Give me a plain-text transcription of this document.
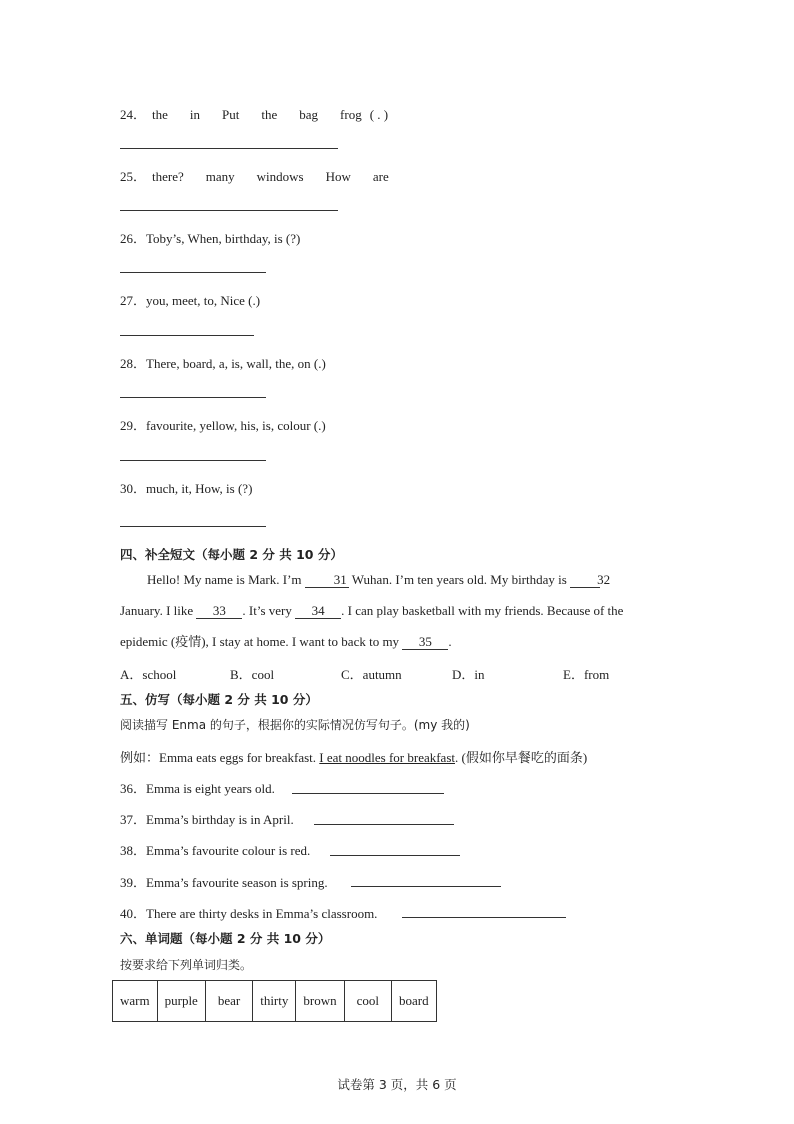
24． the in Put the bag frog ( . )
25． there? many windows How are
26．Toby’s, When, birthday, is (?)
27．you, meet, to, Nice (.)
28．There, board, a, is, wall, the, on (.)
29．favourite, yellow, his, is, colour (.)
30．much, it, How, is (?)
四、补全短文（每小题 2 分 共 10 分）
Hello! My name is Mark. I’m 31 Wuhan. I’m ten years old. My birthday is 32
January. I like 33 . It’s very 34 . I can play basketball with my friends. Because of the
epidemic (疫情), I stay at home. I want to back to my 35 .
A．school	B．cool	C．autumn	D．in	E．from
五、仿写（每小题 2 分 共 10 分）
阅读描写 Enma 的句子，根据你的实际情况仿写句子。(my 我的)
例如：Emma eats eggs for breakfast. I eat noodles for breakfast. (假如你早餐吃的面条)
36．Emma is eight years old.
37．Emma’s birthday is in April.
38．Emma’s favourite colour is red.
39．Emma’s favourite season is spring.
40．There are thirty desks in Emma’s classroom.
六、单词题（每小题 2 分 共 10 分）
按要求给下列单词归类。
warm	purple	bear	thirty	brown	cool	board
试卷第 3 页，共 6 页
